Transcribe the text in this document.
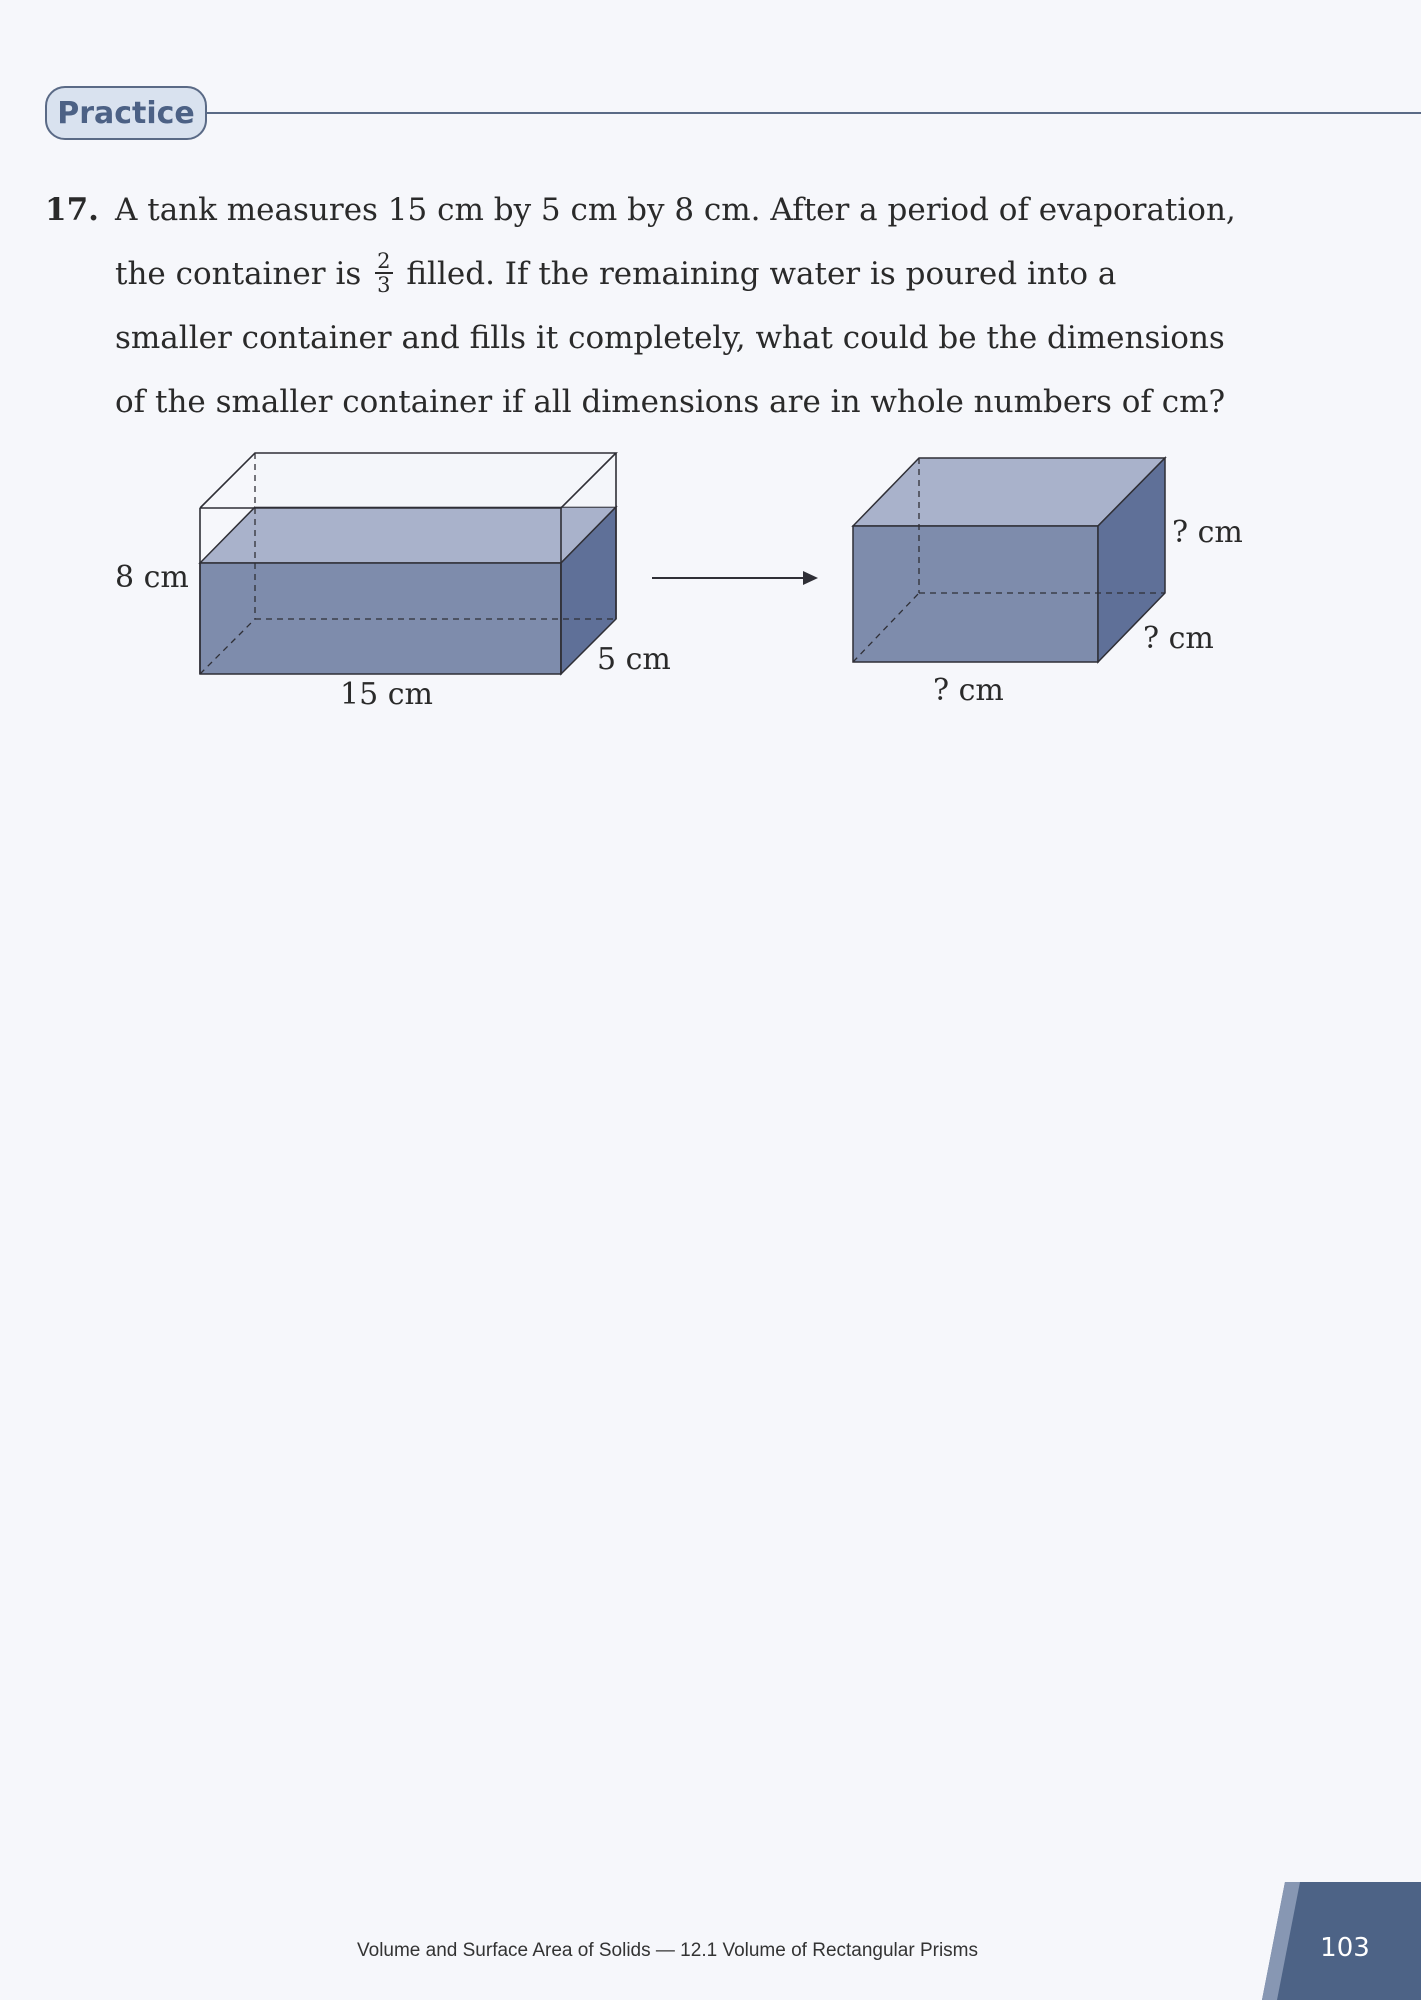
Practice
17. A tank measures 15 cm by 5 cm by 8 cm. After a period of evaporation,
the container is $\frac{2}{3}$ filled. If the remaining water is poured into a
smaller container and fills it completely, what could be the dimensions
of the smaller container if all dimensions are in whole numbers of cm?
8 cm
15 cm
5 cm
? cm
? cm
? cm
Volume and Surface Area of Solids — 12.1 Volume of Rectangular Prisms	103
